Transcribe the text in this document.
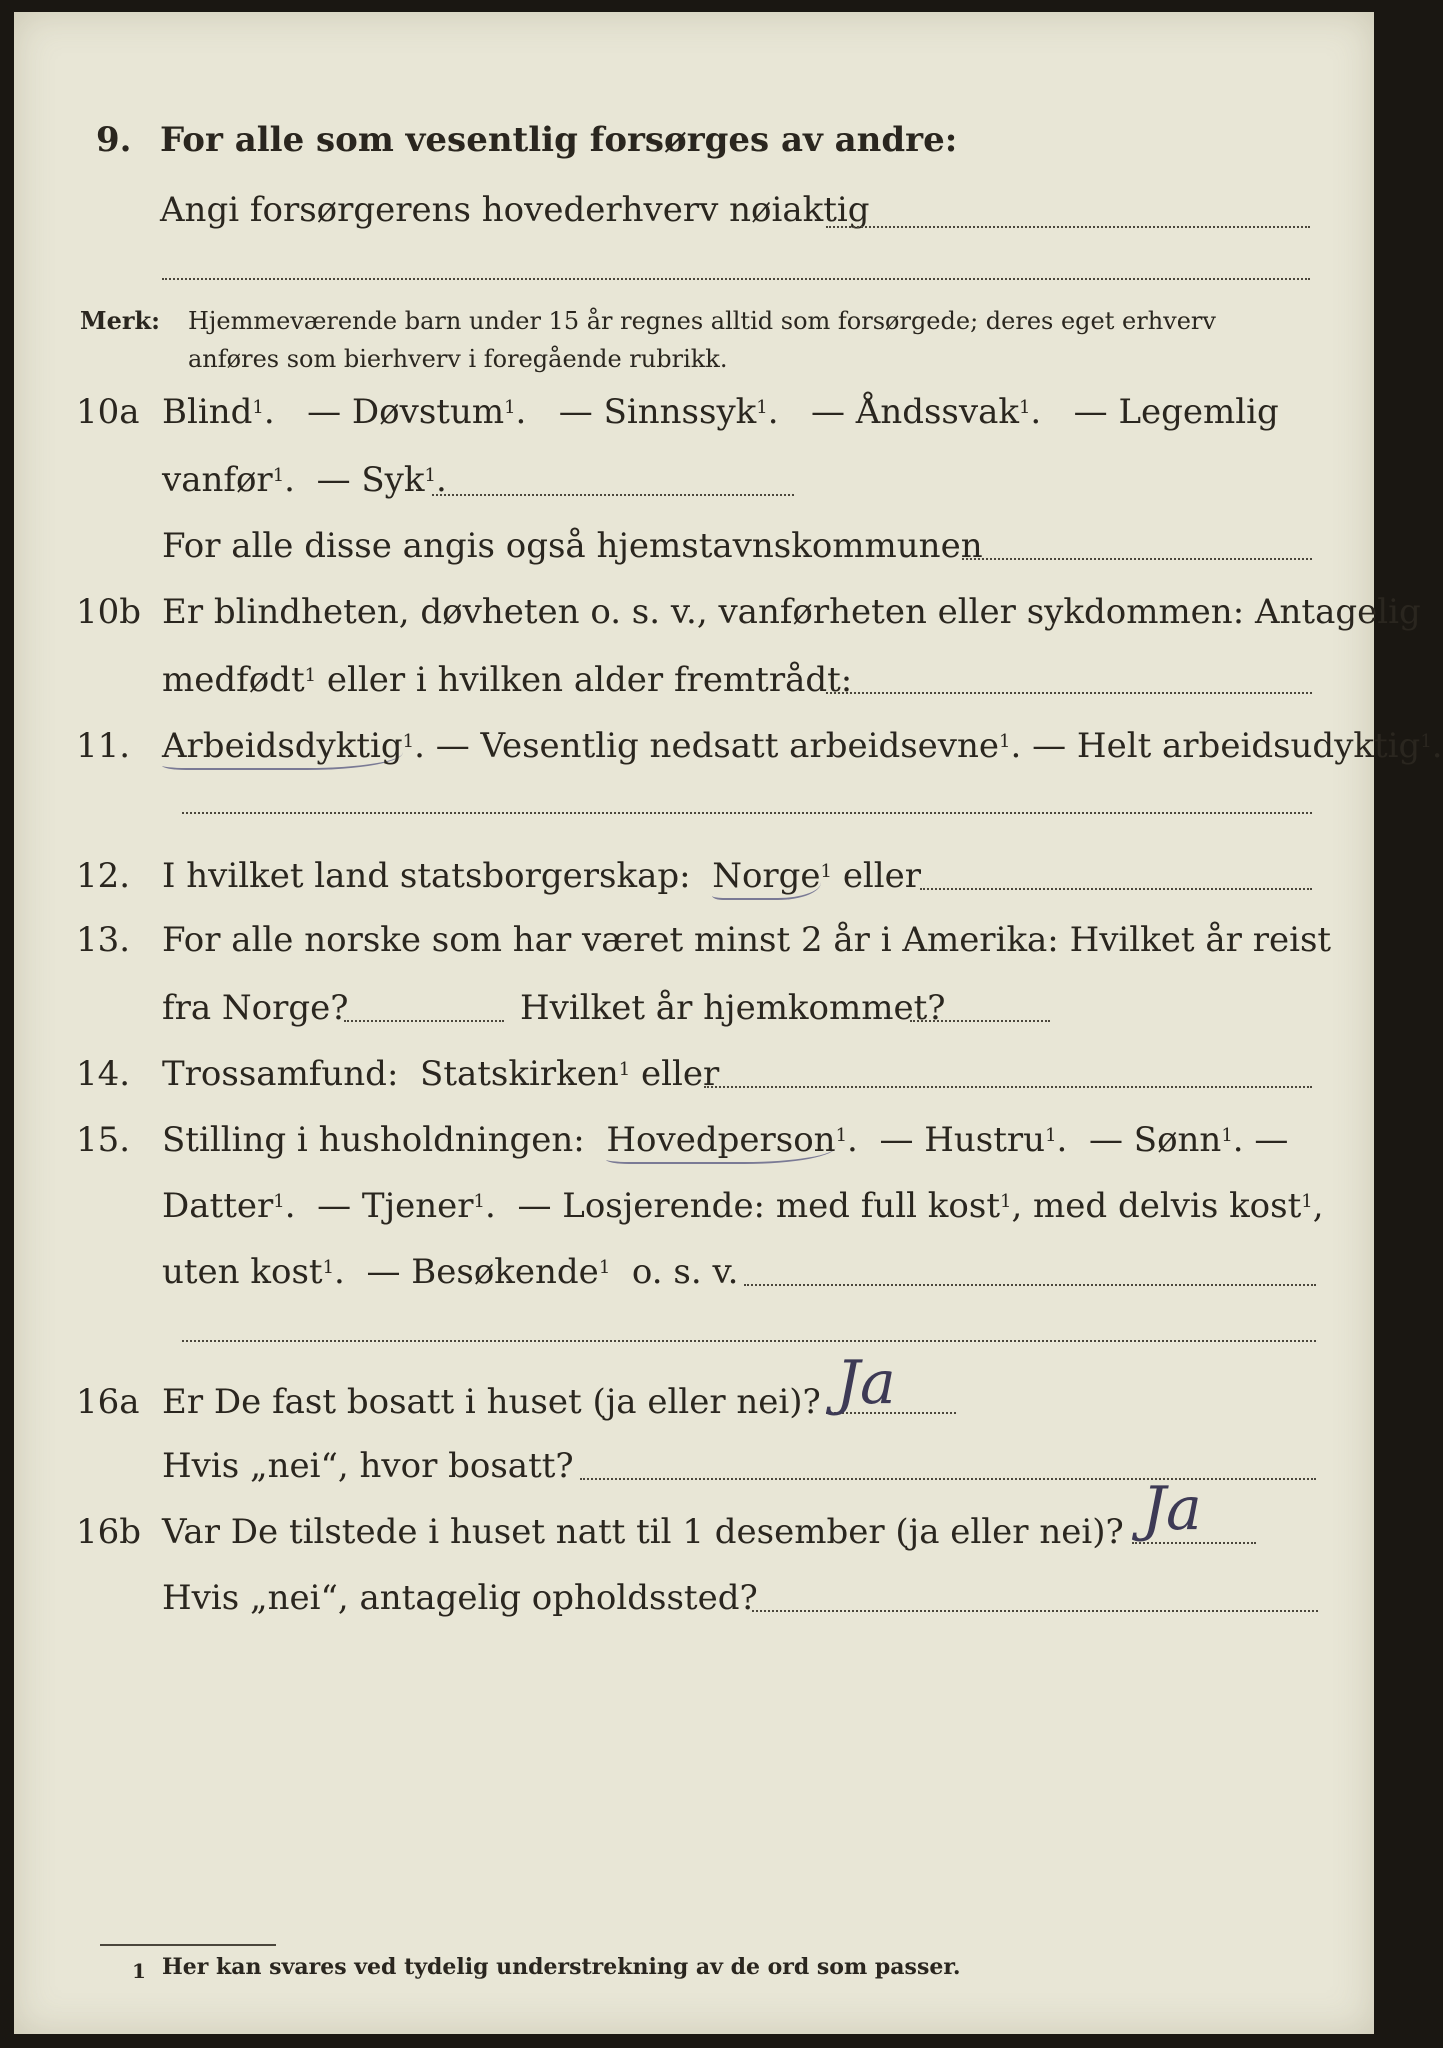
9. For alle som vesentlig forsørges av andre:
Angi forsørgerens hovederhverv nøiaktig
Merk: Hjemmeværende barn under 15 år regnes alltid som forsørgede; deres eget erhverv
anføres som bierhverv i foregående rubrikk.
10a Blind$^1$.   — Døvstum$^1$.   — Sinnssyk$^1$.   — Åndssvak$^1$.   — Legemlig
vanfør$^1$.  — Syk$^1$.
For alle disse angis også hjemstavnskommunen
10b Er blindheten, døvheten o. s. v., vanførheten eller sykdommen: Antagelig
medfødt$^1$ eller i hvilken alder fremtrådt:
11. Arbeidsdyktig$^1$. — Vesentlig nedsatt arbeidsevne$^1$. — Helt arbeidsudyktig$^1$.
12. I hvilket land statsborgerskap: Norge$^1$ eller
13. For alle norske som har været minst 2 år i Amerika: Hvilket år reist
fra Norge?	Hvilket år hjemkommet?
14. Trossamfund: Statskirken$^1$ eller
15. Stilling i husholdningen: Hovedperson$^1$.  — Hustru$^1$.  — Sønn$^1$. —
Datter$^1$.  — Tjener$^1$.  — Losjerende: med full kost$^1$, med delvis kost$^1$,
uten kost$^1$.  — Besøkende$^1$ o. s. v.
16a Er De fast bosatt i huset (ja eller nei)? Ja
Hvis „nei“, hvor bosatt?
16b Var De tilstede i huset natt til 1 desember (ja eller nei)? Ja
Hvis „nei“, antagelig opholdssted?
1 Her kan svares ved tydelig understrekning av de ord som passer.
